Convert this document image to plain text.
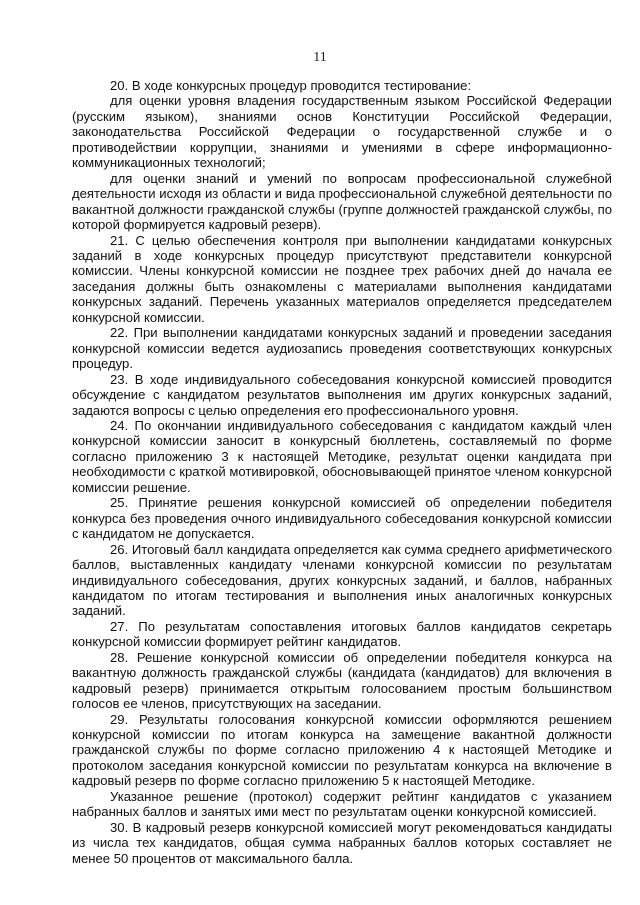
11

20. В ходе конкурсных процедур проводится тестирование:

для оценки уровня владения государственным языком Российской Федерации (русским языком), знаниями основ Конституции Российской Федерации, законодательства Российской Федерации о государственной службе и о противодействии коррупции, знаниями и умениями в сфере информационно-коммуникационных технологий;

для оценки знаний и умений по вопросам профессиональной служебной деятельности исходя из области и вида профессиональной служебной деятельности по вакантной должности гражданской службы (группе должностей гражданской службы, по которой формируется кадровый резерв).

21. С целью обеспечения контроля при выполнении кандидатами конкурсных заданий в ходе конкурсных процедур присутствуют представители конкурсной комиссии. Члены конкурсной комиссии не позднее трех рабочих дней до начала ее заседания должны быть ознакомлены с материалами выполнения кандидатами конкурсных заданий. Перечень указанных материалов определяется председателем конкурсной комиссии.

22. При выполнении кандидатами конкурсных заданий и проведении заседания конкурсной комиссии ведется аудиозапись проведения соответствующих конкурсных процедур.

23. В ходе индивидуального собеседования конкурсной комиссией проводится обсуждение с кандидатом результатов выполнения им других конкурсных заданий, задаются вопросы с целью определения его профессионального уровня.

24. По окончании индивидуального собеседования с кандидатом каждый член конкурсной комиссии заносит в конкурсный бюллетень, составляемый по форме согласно приложению 3 к настоящей Методике, результат оценки кандидата при необходимости с краткой мотивировкой, обосновывающей принятое членом конкурсной комиссии решение.

25. Принятие решения конкурсной комиссией об определении победителя конкурса без проведения очного индивидуального собеседования конкурсной комиссии с кандидатом не допускается.

26. Итоговый балл кандидата определяется как сумма среднего арифметического баллов, выставленных кандидату членами конкурсной комиссии по результатам индивидуального собеседования, других конкурсных заданий, и баллов, набранных кандидатом по итогам тестирования и выполнения иных аналогичных конкурсных заданий.

27. По результатам сопоставления итоговых баллов кандидатов секретарь конкурсной комиссии формирует рейтинг кандидатов.

28. Решение конкурсной комиссии об определении победителя конкурса на вакантную должность гражданской службы (кандидата (кандидатов) для включения в кадровый резерв) принимается открытым голосованием простым большинством голосов ее членов, присутствующих на заседании.

29. Результаты голосования конкурсной комиссии оформляются решением конкурсной комиссии по итогам конкурса на замещение вакантной должности гражданской службы по форме согласно приложению 4 к настоящей Методике и протоколом заседания конкурсной комиссии по результатам конкурса на включение в кадровый резерв по форме согласно приложению 5 к настоящей Методике.

Указанное решение (протокол) содержит рейтинг кандидатов с указанием набранных баллов и занятых ими мест по результатам оценки конкурсной комиссией.

30. В кадровый резерв конкурсной комиссией могут рекомендоваться кандидаты из числа тех кандидатов, общая сумма набранных баллов которых составляет не менее 50 процентов от максимального балла.
